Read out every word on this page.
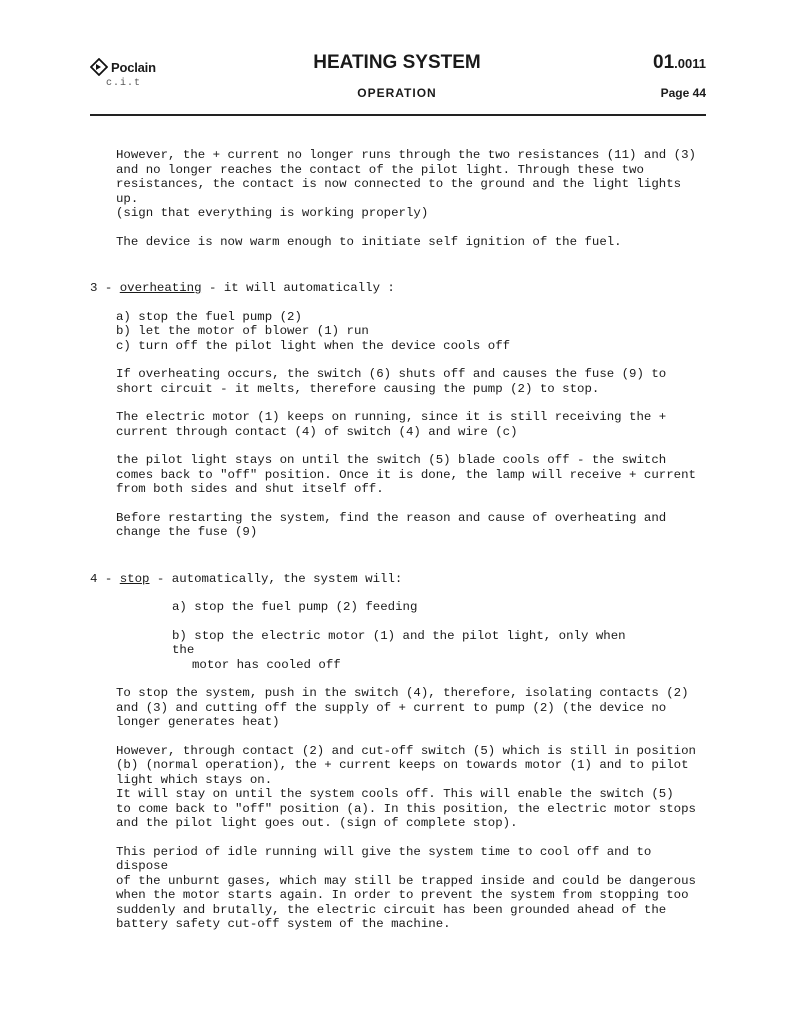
Poclain
c.i.t
HEATING SYSTEM
OPERATION
01.0011
Page 44

However, the + current no longer runs through the two resistances (11) and (3)

and no longer reaches the contact of the pilot light. Through these two

resistances, the contact is now connected to the ground and the light lights up.

(sign that everything is working properly)

The device is now warm enough to initiate self ignition of the fuel.

3 - overheating - it will automatically :

a) stop the fuel pump (2)

b) let the motor of blower (1) run

c) turn off the pilot light when the device cools off

If overheating occurs, the switch (6) shuts off and causes the fuse (9) to

short circuit - it melts, therefore causing the pump (2) to stop.

The electric motor (1) keeps on running, since it is still receiving the +

current through contact (4) of switch (4) and wire (c)

the pilot light stays on until the switch (5) blade cools off - the switch

comes back to "off" position. Once it is done, the lamp will receive + current

from both sides and shut itself off.

Before restarting the system, find the reason and cause of overheating and

change the fuse (9)

4 - stop - automatically, the system will:

a) stop the fuel pump (2) feeding

b) stop the electric motor (1) and the pilot light, only when the

motor has cooled off

To stop the system, push in the switch (4), therefore, isolating contacts (2)

and (3) and cutting off the supply of + current to pump (2) (the device no

longer generates heat)

However, through contact (2) and cut-off switch (5) which is still in position

(b) (normal operation), the + current keeps on towards motor (1) and to pilot

light which stays on.

It will stay on until the system cools off. This will enable the switch (5)

to come back to "off" position (a). In this position, the electric motor stops

and the pilot light goes out. (sign of complete stop).

This period of idle running will give the system time to cool off and to dispose

of the unburnt gases, which may still be trapped inside and could be dangerous

when the motor starts again. In order to prevent the system from stopping too

suddenly and brutally, the electric circuit has been grounded ahead of the

battery safety cut-off system of the machine.
